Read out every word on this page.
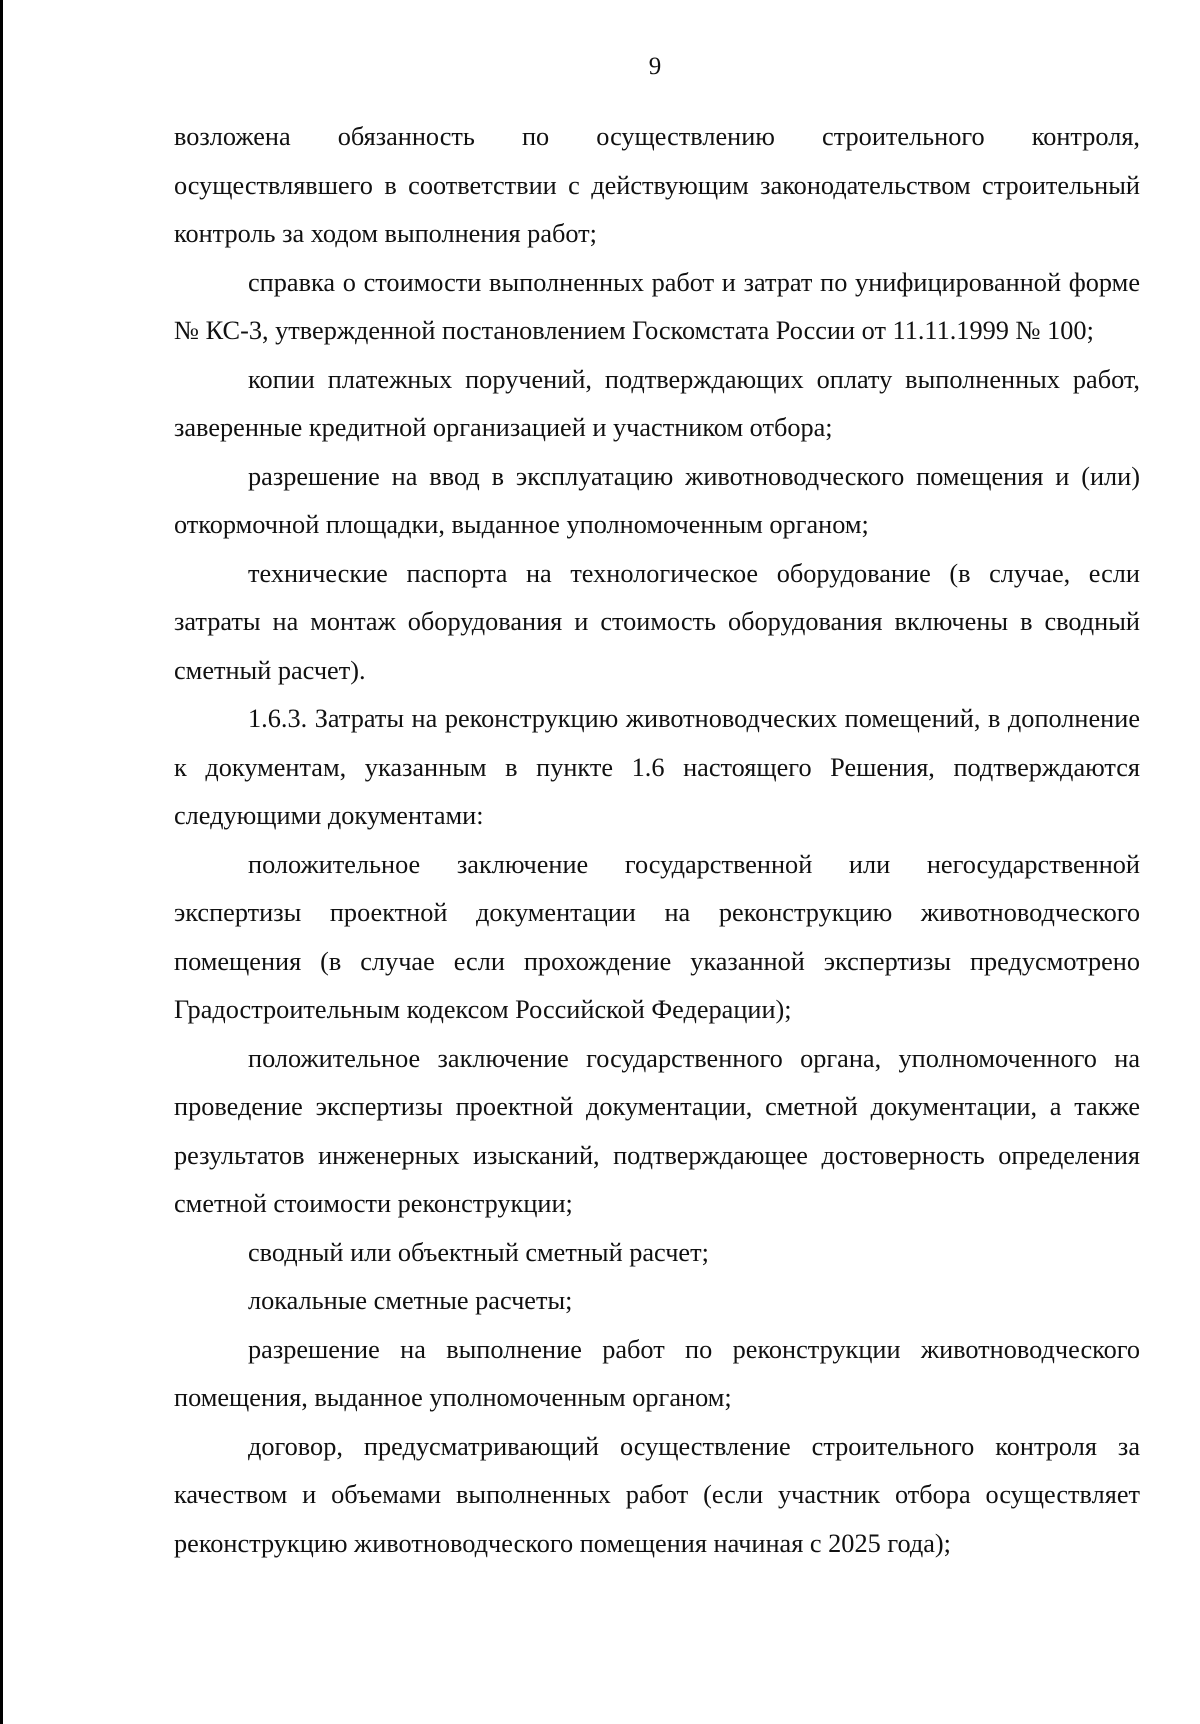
9

возложена обязанность по осуществлению строительного контроля, осуществлявшего в соответствии с действующим законодательством строительный контроль за ходом выполнения работ;

справка о стоимости выполненных работ и затрат по унифицированной форме № КС-3, утвержденной постановлением Госкомстата России от 11.11.1999 № 100;

копии платежных поручений, подтверждающих оплату выполненных работ, заверенные кредитной организацией и участником отбора;

разрешение на ввод в эксплуатацию животноводческого помещения и (или) откормочной площадки, выданное уполномоченным органом;

технические паспорта на технологическое оборудование (в случае, если затраты на монтаж оборудования и стоимость оборудования включены в сводный сметный расчет).

1.6.3. Затраты на реконструкцию животноводческих помещений, в дополнение к документам, указанным в пункте 1.6 настоящего Решения, подтверждаются следующими документами:

положительное заключение государственной или негосударственной экспертизы проектной документации на реконструкцию животноводческого помещения (в случае если прохождение указанной экспертизы предусмотрено Градостроительным кодексом Российской Федерации);

положительное заключение государственного органа, уполномоченного на проведение экспертизы проектной документации, сметной документации, а также результатов инженерных изысканий, подтверждающее достоверность определения сметной стоимости реконструкции;

сводный или объектный сметный расчет;

локальные сметные расчеты;

разрешение на выполнение работ по реконструкции животноводческого помещения, выданное уполномоченным органом;

договор, предусматривающий осуществление строительного контроля за качеством и объемами выполненных работ (если участник отбора осуществляет реконструкцию животноводческого помещения начиная с 2025 года);
